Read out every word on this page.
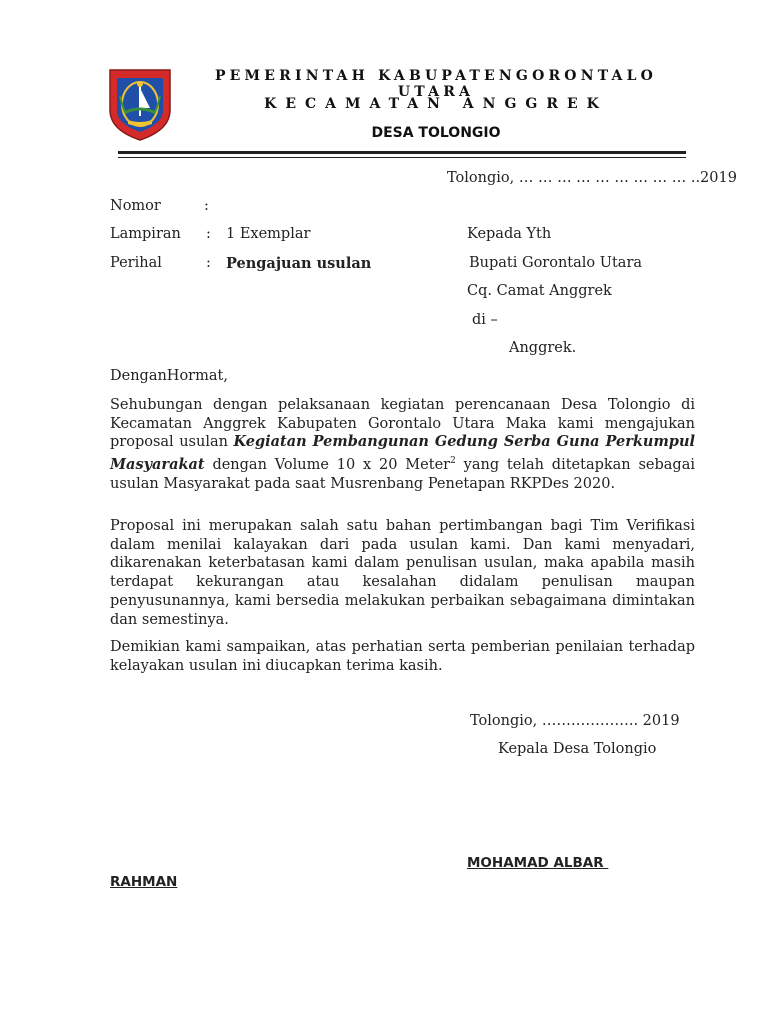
PEMERINTAH KABUPATENGORONTALO UTARA
KECAMATAN ANGGREK
DESA TOLONGIO
Tolongio, … … … … … … … … … ..2019
Nomor	:
Lampiran : 1 Exemplar
Perihal	: Pengajuan usulan
Kepada Yth
Bupati Gorontalo Utara
Cq. Camat Anggrek
di –
Anggrek.
DenganHormat,
Sehubungan dengan pelaksanaan kegiatan perencanaan Desa Tolongio di Kecamatan Anggrek Kabupaten Gorontalo Utara Maka kami mengajukan proposal usulan Kegiatan Pembangunan Gedung Serba Guna Perkumpul Masyarakat dengan Volume 10 x 20 Meter$^2$ yang telah ditetapkan sebagai usulan Masyarakat pada saat Musrenbang Penetapan RKPDes 2020.
Proposal ini merupakan salah satu bahan pertimbangan bagi Tim Verifikasi dalam menilai kalayakan dari pada usulan kami. Dan kami menyadari, dikarenakan keterbatasan kami dalam penulisan usulan, maka apabila masih terdapat kekurangan atau kesalahan didalam penulisan maupan penyusunannya, kami bersedia melakukan perbaikan sebagaimana dimintakan dan semestinya.
Demikian kami sampaikan, atas perhatian serta pemberian penilaian terhadap kelayakan usulan ini diucapkan terima kasih.
Tolongio, ……………….. 2019
Kepala Desa Tolongio
MOHAMAD ALBAR
RAHMAN
